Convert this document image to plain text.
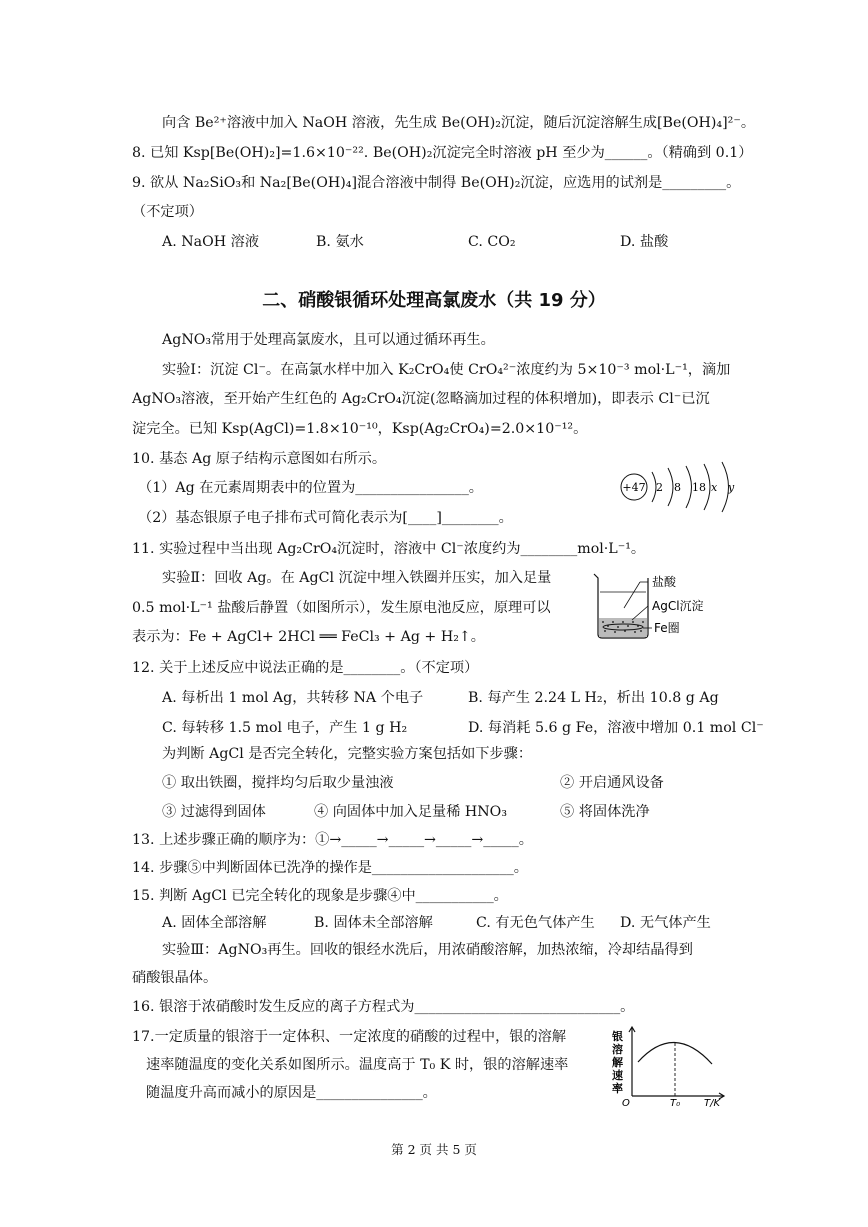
向含 Be²⁺溶液中加入 NaOH 溶液，先生成 Be(OH)₂沉淀，随后沉淀溶解生成[Be(OH)₄]²⁻。
8. 已知 Ksp[Be(OH)₂]=1.6×10⁻²². Be(OH)₂沉淀完全时溶液 pH 至少为______。（精确到 0.1）
9. 欲从 Na₂SiO₃和 Na₂[Be(OH)₄]混合溶液中制得 Be(OH)₂沉淀，应选用的试剂是_________。
（不定项）
A. NaOH 溶液	B. 氨水	C. CO₂	D. 盐酸
二、硝酸银循环处理高氯废水（共 19 分）
AgNO₃常用于处理高氯废水，且可以通过循环再生。
实验Ⅰ：沉淀 Cl⁻。在高氯水样中加入 K₂CrO₄使 CrO₄²⁻浓度约为 5×10⁻³ mol·L⁻¹，滴加
AgNO₃溶液，至开始产生红色的 Ag₂CrO₄沉淀(忽略滴加过程的体积增加)，即表示 Cl⁻已沉
淀完全。已知 Ksp(AgCl)=1.8×10⁻¹⁰，Ksp(Ag₂CrO₄)=2.0×10⁻¹²。
10. 基态 Ag 原子结构示意图如右所示。
（1）Ag 在元素周期表中的位置为________________。
（2）基态银原子电子排布式可简化表示为[____]________。
+47 2 8 18 x y
11. 实验过程中当出现 Ag₂CrO₄沉淀时，溶液中 Cl⁻浓度约为________mol·L⁻¹。
实验Ⅱ：回收 Ag。在 AgCl 沉淀中埋入铁圈并压实，加入足量
0.5 mol·L⁻¹ 盐酸后静置（如图所示），发生原电池反应，原理可以
表示为：Fe + AgCl+ 2HCl ══ FeCl₃ + Ag + H₂↑。
盐酸
AgCl沉淀
Fe圈
12. 关于上述反应中说法正确的是________。（不定项）
A. 每析出 1 mol Ag，共转移 NA 个电子	B. 每产生 2.24 L H₂，析出 10.8 g Ag
C. 每转移 1.5 mol 电子，产生 1 g H₂	D. 每消耗 5.6 g Fe，溶液中增加 0.1 mol Cl⁻
为判断 AgCl 是否完全转化，完整实验方案包括如下步骤：
① 取出铁圈，搅拌均匀后取少量浊液	② 开启通风设备
③ 过滤得到固体	④ 向固体中加入足量稀 HNO₃	⑤ 将固体洗净
13. 上述步骤正确的顺序为：①→_____→_____→_____→_____。
14. 步骤⑤中判断固体已洗净的操作是____________________。
15. 判断 AgCl 已完全转化的现象是步骤④中___________。
A. 固体全部溶解	B. 固体未全部溶解	C. 有无色气体产生 D. 无气体产生
实验Ⅲ：AgNO₃再生。回收的银经水洗后，用浓硝酸溶解，加热浓缩，冷却结晶得到
硝酸银晶体。
16. 银溶于浓硝酸时发生反应的离子方程式为_____________________________。
17.一定质量的银溶于一定体积、一定浓度的硝酸的过程中，银的溶解
速率随温度的变化关系如图所示。温度高于 T₀ K 时，银的溶解速率
随温度升高而减小的原因是_______________。
银
溶
解
速
率
O	T₀ T/K
第 2 页 共 5 页
